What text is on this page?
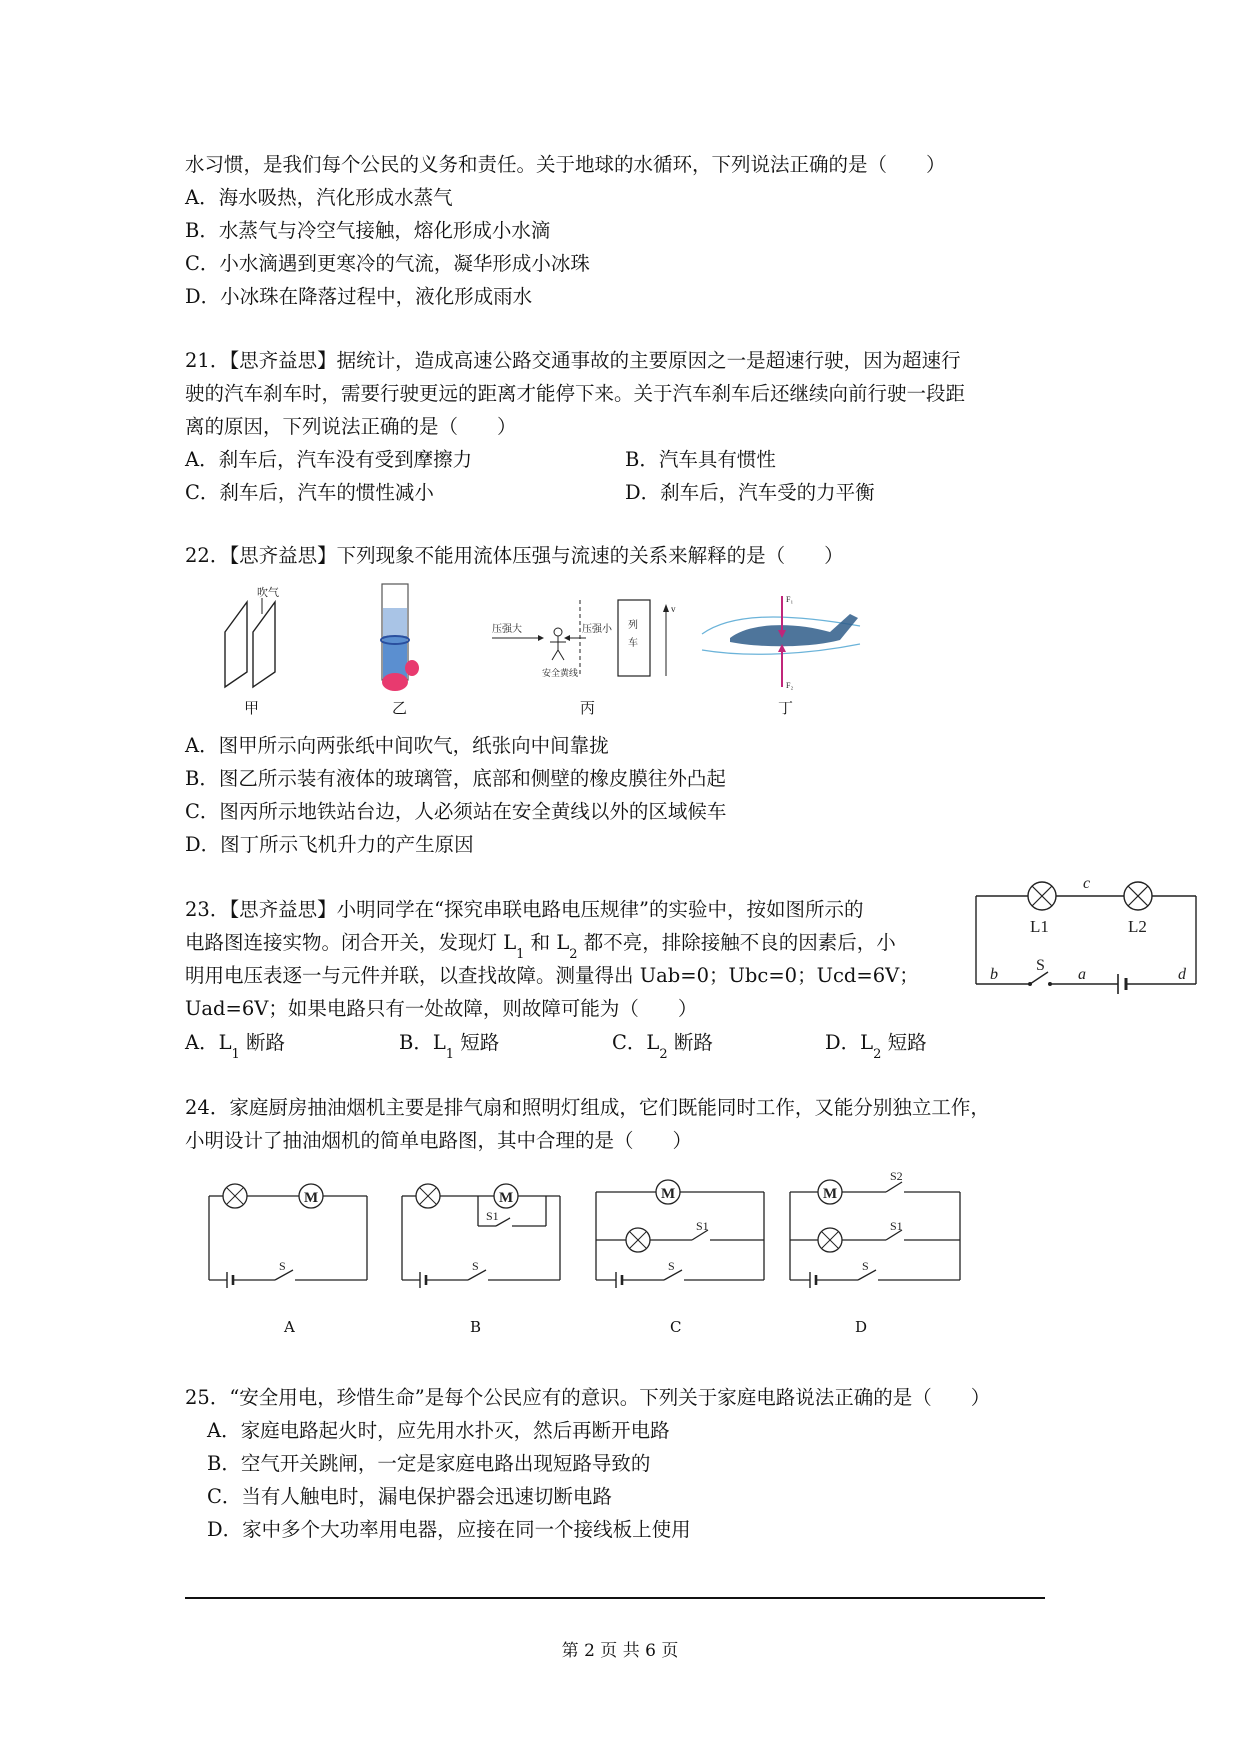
水习惯，是我们每个公民的义务和责任。关于地球的水循环，下列说法正确的是（　　）
A．海水吸热，汽化形成水蒸气
B．水蒸气与冷空气接触，熔化形成小水滴
C．小水滴遇到更寒冷的气流，凝华形成小冰珠
D．小冰珠在降落过程中，液化形成雨水
21．【思齐益思】据统计，造成高速公路交通事故的主要原因之一是超速行驶，因为超速行
驶的汽车刹车时，需要行驶更远的距离才能停下来。关于汽车刹车后还继续向前行驶一段距
离的原因，下列说法正确的是（　　）
A．刹车后，汽车没有受到摩擦力	B．汽车具有惯性
C．刹车后，汽车的惯性减小	D．刹车后，汽车受的力平衡
22．【思齐益思】下列现象不能用流体压强与流速的关系来解释的是（　　）
吹气
甲	乙
压强大	压强小
安全黄线
列
车
v
丙
F₁
F₂
丁
A．图甲所示向两张纸中间吹气，纸张向中间靠拢
B．图乙所示装有液体的玻璃管，底部和侧壁的橡皮膜往外凸起
C．图丙所示地铁站台边，人必须站在安全黄线以外的区域候车
D．图丁所示飞机升力的产生原因
23．【思齐益思】小明同学在“探究串联电路电压规律”的实验中，按如图所示的
电路图连接实物。闭合开关，发现灯 $L_1$ 和 $L_2$ 都不亮，排除接触不良的因素后，小
明用电压表逐一与元件并联，以查找故障。测量得出 Uab=0；Ubc=0；Ucd=6V；
Uad=6V；如果电路只有一处故障，则故障可能为（　　）
c
L1	L2
b
S
a	d
A．$L_1$ 断路	B．$L_1$ 短路	C．$L_2$ 断路	D．$L_2$ 短路
24．家庭厨房抽油烟机主要是排气扇和照明灯组成，它们既能同时工作，又能分别独立工作，
小明设计了抽油烟机的简单电路图，其中合理的是（　　）
M
S
A
M
S1
S
B
M
S1
S
C
M
S2
S1
S
D
25．“安全用电，珍惜生命”是每个公民应有的意识。下列关于家庭电路说法正确的是（　　）
A．家庭电路起火时，应先用水扑灭，然后再断开电路
B．空气开关跳闸，一定是家庭电路出现短路导致的
C．当有人触电时，漏电保护器会迅速切断电路
D．家中多个大功率用电器，应接在同一个接线板上使用
第 2 页 共 6 页
